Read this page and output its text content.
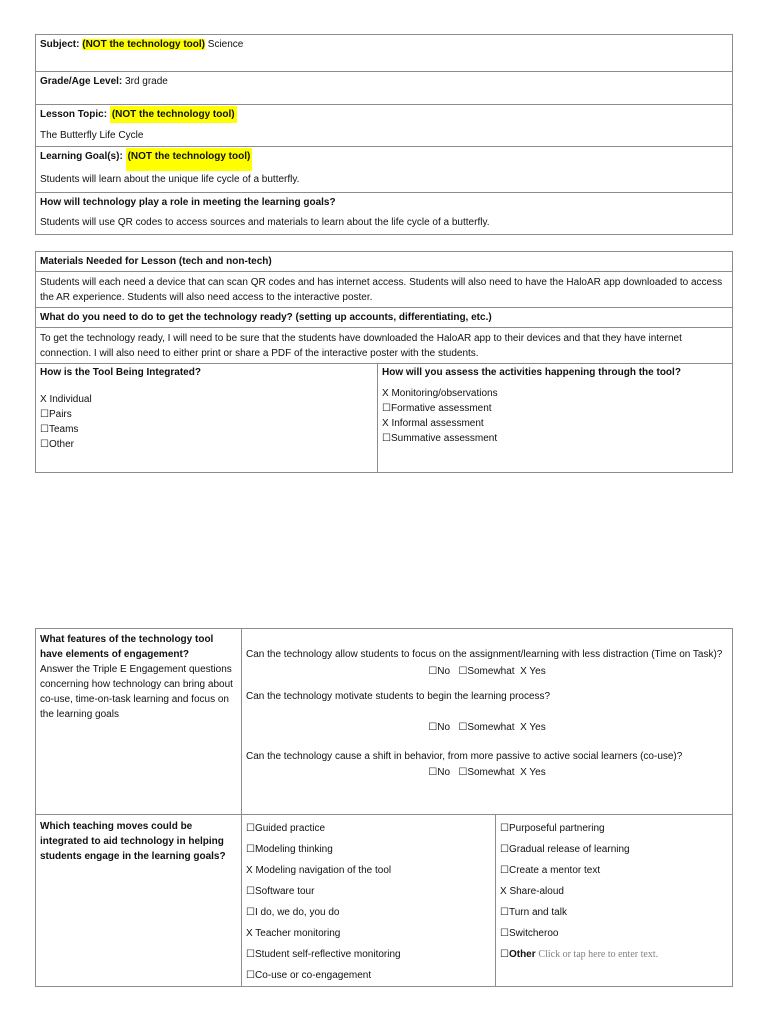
Subject: (NOT the technology tool) Science
Grade/Age Level: 3rd grade
Lesson Topic: (NOT the technology tool)
The Butterfly Life Cycle
Learning Goal(s): (NOT the technology tool)
Students will learn about the unique life cycle of a butterfly.
How will technology play a role in meeting the learning goals?
Students will use QR codes to access sources and materials to learn about the life cycle of a butterfly.
Materials Needed for Lesson (tech and non-tech)
Students will each need a device that can scan QR codes and has internet access. Students will also need to have the HaloAR app downloaded to access the AR experience. Students will also need access to the interactive poster.
What do you need to do to get the technology ready? (setting up accounts, differentiating, etc.)
To get the technology ready, I will need to be sure that the students have downloaded the HaloAR app to their devices and that they have internet connection. I will also need to either print or share a PDF of the interactive poster with the students.
How is the Tool Being Integrated?
X Individual
☐Pairs
☐Teams
☐Other
How will you assess the activities happening through the tool?
X Monitoring/observations
☐Formative assessment
X Informal assessment
☐Summative assessment
What features of the technology tool have elements of engagement?
Answer the Triple E Engagement questions concerning how technology can bring about co-use, time-on-task learning and focus on the learning goals
Can the technology allow students to focus on the assignment/learning with less distraction (Time on Task)?
☐No ☐Somewhat X Yes
Can the technology motivate students to begin the learning process?
☐No ☐Somewhat X Yes
Can the technology cause a shift in behavior, from more passive to active social learners (co-use)?
☐No ☐Somewhat X Yes
Which teaching moves could be integrated to aid technology in helping students engage in the learning goals?
☐Guided practice
☐Modeling thinking
X Modeling navigation of the tool
☐Software tour
☐I do, we do, you do
X Teacher monitoring
☐Student self-reflective monitoring
☐Co-use or co-engagement
☐Purposeful partnering
☐Gradual release of learning
☐Create a mentor text
X Share-aloud
☐Turn and talk
☐Switcheroo
☐Other Click or tap here to enter text.
